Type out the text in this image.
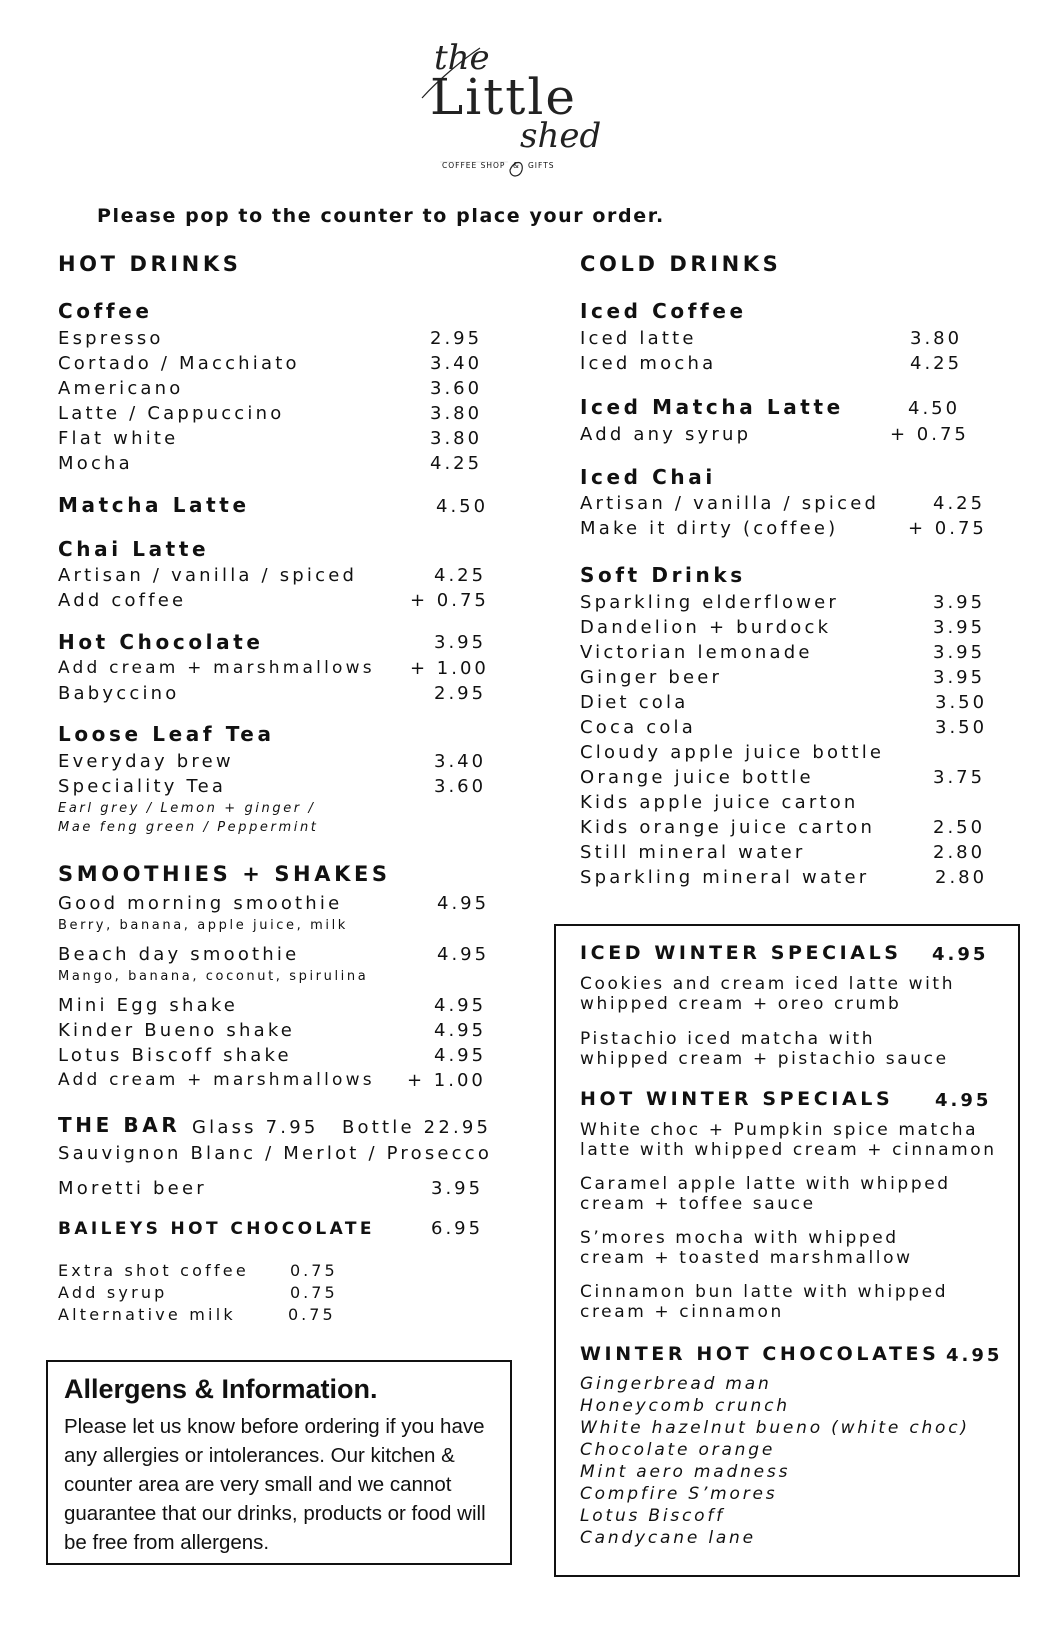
the
Little
shed
COFFEE SHOP & GIFTS
Please pop to the counter to place your order.
HOT DRINKS
Coffee
Espresso	2.95
Cortado / Macchiato	3.40
Americano	3.60
Latte / Cappuccino	3.80
Flat white	3.80
Mocha	4.25
Matcha Latte	4.50
Chai Latte
Artisan / vanilla / spiced	4.25
Add coffee	+ 0.75
Hot Chocolate	3.95
Add cream + marshmallows + 1.00
Babyccino	2.95
Loose Leaf Tea
Everyday brew	3.40
Speciality Tea	3.60
Earl grey / Lemon + ginger /
Mae feng green / Peppermint
SMOOTHIES + SHAKES
Good morning smoothie	4.95
Berry, banana, apple juice, milk
Beach day smoothie	4.95
Mango, banana, coconut, spirulina
Mini Egg shake	4.95
Kinder Bueno shake	4.95
Lotus Biscoff shake	4.95
Add cream + marshmallows + 1.00
THE BAR Glass 7.95 Bottle 22.95
Sauvignon Blanc / Merlot / Prosecco
Moretti beer	3.95
BAILEYS HOT CHOCOLATE	6.95
Extra shot coffee	0.75
Add syrup	0.75
Alternative milk	0.75
Allergens & Information.
Please let us know before ordering if you have any allergies or intolerances. Our kitchen & counter area are very small and we cannot guarantee that our drinks, products or food will be free from allergens.
COLD DRINKS
Iced Coffee
Iced latte	3.80
Iced mocha	4.25
Iced Matcha Latte	4.50
Add any syrup	+ 0.75
Iced Chai
Artisan / vanilla / spiced	4.25
Make it dirty (coffee)	+ 0.75
Soft Drinks
Sparkling elderflower	3.95
Dandelion + burdock	3.95
Victorian lemonade	3.95
Ginger beer	3.95
Diet cola	3.50
Coca cola	3.50
Cloudy apple juice bottle
Orange juice bottle	3.75
Kids apple juice carton
Kids orange juice carton	2.50
Still mineral water	2.80
Sparkling mineral water	2.80
ICED WINTER SPECIALS 4.95
Cookies and cream iced latte with
whipped cream + oreo crumb
Pistachio iced matcha with
whipped cream + pistachio sauce
HOT WINTER SPECIALS 4.95
White choc + Pumpkin spice matcha
latte with whipped cream + cinnamon
Caramel apple latte with whipped
cream + toffee sauce
S’mores mocha with whipped
cream + toasted marshmallow
Cinnamon bun latte with whipped
cream + cinnamon
WINTER HOT CHOCOLATES 4.95
Gingerbread man
Honeycomb crunch
White hazelnut bueno (white choc)
Chocolate orange
Mint aero madness
Compfire S’mores
Lotus Biscoff
Candycane lane
